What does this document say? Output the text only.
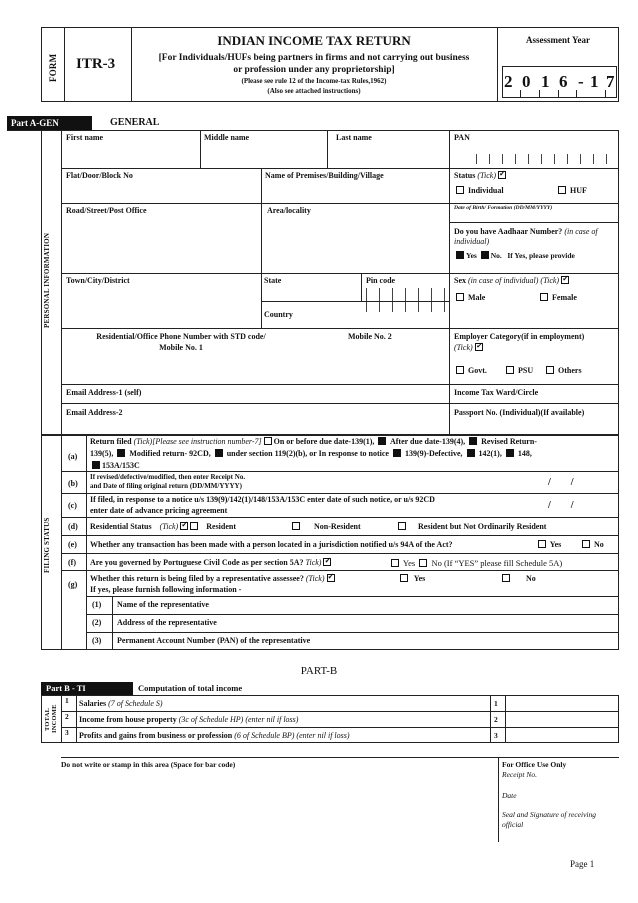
FORM ITR-3
INDIAN INCOME TAX RETURN
[For Individuals/HUFs being partners in firms and not carrying out business
or profession under any proprietorship]
(Please see rule 12 of the Income-tax Rules,1962)
(Also see attached instructions)
Assessment Year
2 0 1 6 - 1 7
Part A-GEN	GENERAL
PERSONAL INFORMATION
First name	Middle name	Last name	PAN
Flat/Door/Block No	Name of Premises/Building/Village	Status (Tick)✓
Individual	HUF
Road/Street/Post Office	Area/locality	Date of Birth/ Formation (DD/MM/YYYY)
Do you have Aadhaar Number? (in case of individual)
Yes No. If Yes, please provide
Town/City/District	State	Pin code	Sex (in case of individual) (Tick)✓
Male	Female
Country
Residential/Office Phone Number with STD code/
Mobile No. 1
Mobile No. 2	Employer Category(if in employment)
(Tick)✓
Govt.	PSU	Others
Email Address-1 (self)	Income Tax Ward/Circle
Email Address-2	Passport No. (Individual)(If available)
FILING STATUS
(a)
Return filed (Tick)[Please see instruction number-7] On or before due date-139(1), After due date-139(4), Revised Return-
139(5), Modified return- 92CD, under section 119(2)(b), or In response to notice 139(9)-Defective, 142(1), 148,
153A/153C
(b)
If revised/defective/modified, then enter Receipt No.
and Date of filing original return (DD/MM/YYYY)	/        /
(c)
If filed, in response to a notice u/s 139(9)/142(1)/148/153A/153C enter date of such notice, or u/s 92CD
enter date of advance pricing agreement	/        /
(d) Residential Status (Tick) ✓	Resident	Non-Resident	Resident but Not Ordinarily Resident
(e) Whether any transaction has been made with a person located in a jurisdiction notified u/s 94A of the Act?	Yes	No
(f) Are you governed by Portuguese Civil Code as per section 5A? Tick) ✓	Yes No (If “YES” please fill Schedule 5A)
(g)
Whether this return is being filed by a representative assessee? (Tick) ✓	Yes	No
If yes, please furnish following information -
(1) Name of the representative
(2) Address of the representative
(3) Permanent Account Number (PAN) of the representative
PART-B
Part B - TI	Computation of total income
TOTAL INCOME
1 Salaries (7 of Schedule S)	1
2 Income from house property (3c of Schedule HP) (enter nil if loss)	2
3 Profits and gains from business or profession (6 of Schedule BP) (enter nil if loss)	3
Do not write or stamp in this area (Space for bar code)	For Office Use Only
Receipt No.
Date
Seal and Signature of receiving official
Page 1
